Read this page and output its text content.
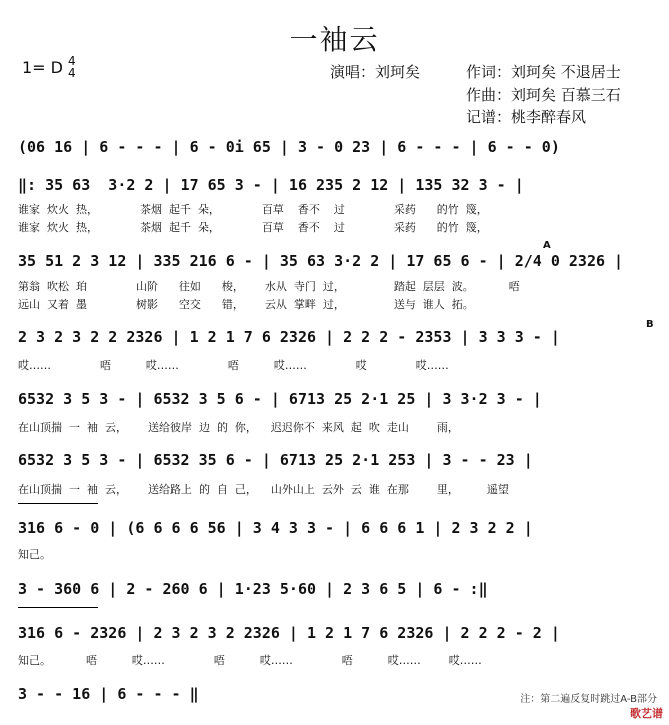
一袖云
1= D 4
4	演唱：刘珂矣	作词：刘珂矣 不退居士
作曲：刘珂矣 百慕三石
记谱：桃李醉春风
(06 16 | 6 - - - | 6 - 0i 65 | 3 - 0 23 | 6 - - - | 6 - - 0)
‖: 35 63  3·2 2 | 17 65 3 - | 16 235 2 12 | 135 32 3 - |
谁家  炊火  热，            茶烟  起千  朵，            百草    香不    过              采药      的竹  篾，
谁家  炊火  热，            茶烟  起千  朵，            百草    香不    过              采药      的竹  篾，
35 51 2 3 12 | 335 216 6 - | 35 63 3·2 2 | 17 65 6 - | 2/4 0 2326 |
A
第翁  吹松  珀              山阶      往如      梭，      水从  寺门  过，              踏起  层层  波。          唔
远山  又着  墨              树影      空交      错，      云从  掌畔  过，              送与  谁人  拓。
2 3 2 3 2 2 2326 | 1 2 1 7 6 2326 | 2 2 2 - 2353 | 3 3 3 - |
B
哎……              唔          哎……              唔          哎……              哎              哎……
6532 3 5 3 - | 6532 3 5 6 - | 6713 25 2·1 25 | 3 3·2 3 - |
在山顶揣  一  袖  云，      送给彼岸  边  的  你，    迟迟你不  来风  起  吹  走山        雨，
6532 3 5 3 - | 6532 35 6 - | 6713 25 2·1 253 | 3 - - 23 |
在山顶揣  一  袖  云，      送给路上  的  自  己，    山外山上  云外  云  谁  在那        里，        遥望
316 6 - 0 | (6 6 6 6 56 | 3 4 3 3 - | 6 6 6 1 | 2 3 2 2 |
知己。
3 - 360 6 | 2 - 260 6 | 1·23 5·60 | 2 3 6 5 | 6 - :‖
316 6 - 2326 | 2 3 2 3 2 2326 | 1 2 1 7 6 2326 | 2 2 2 - 2 |
知己。          唔          哎……              唔          哎……              唔          哎……        哎……
3 - - 16 | 6 - - - ‖	注：第二遍反复时跳过A-B部分
歌艺谱
